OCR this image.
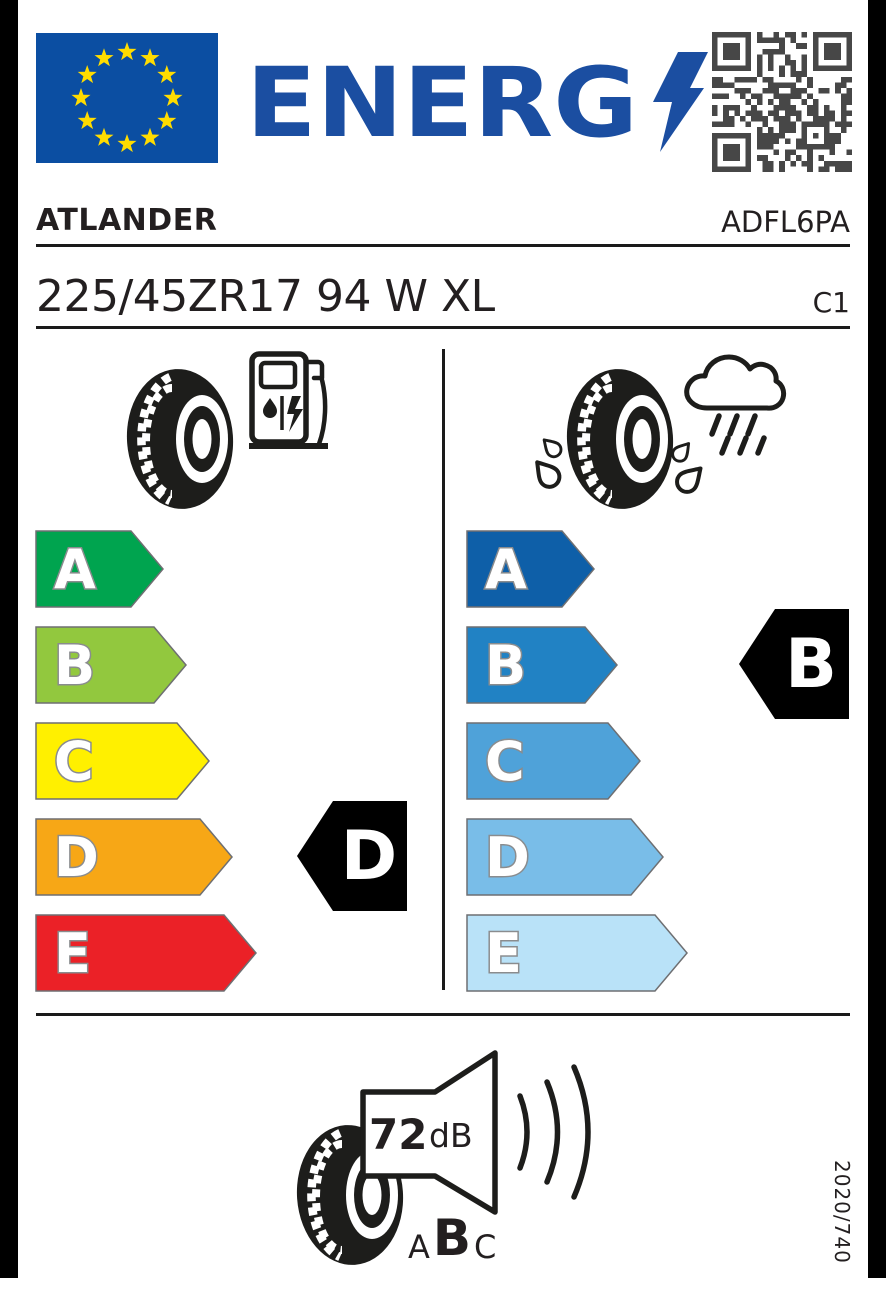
ENERG
ATLANDER	ADFL6PA
225/45ZR17 94 W XL	C1
A
B
C
D
E
D
A
B
C
D
E
B
72 dB
A B C	2020/740
